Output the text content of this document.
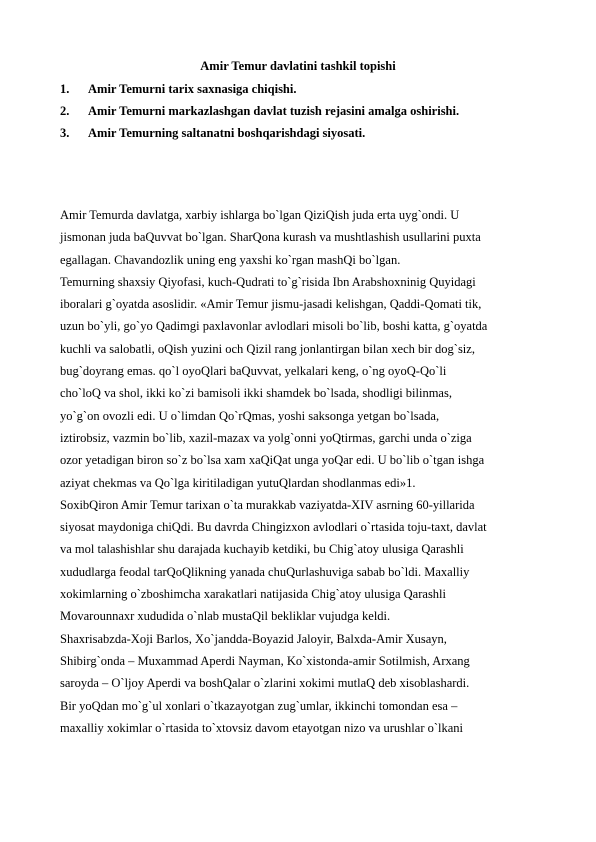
Amir Temur davlatini tashkil topishi
1.	Amir Temurni tarix saxnasiga chiqishi.
2.	Amir Temurni markazlashgan davlat tuzish rejasini amalga oshirishi.
3.	Amir Temurning saltanatni boshqarishdagi siyosati.
Amir Temurda davlatga, xarbiy ishlarga bo`lgan QiziQish juda erta uyg`ondi. U
jismonan juda baQuvvat bo`lgan. SharQona kurash va mushtlashish usullarini puxta
egallagan. Chavandozlik uning eng yaxshi ko`rgan mashQi bo`lgan.
Temurning shaxsiy Qiyofasi, kuch-Qudrati to`g`risida Ibn Arabshoxninig Quyidagi
iboralari g`oyatda asoslidir. «Amir Temur jismu-jasadi kelishgan, Qaddi-Qomati tik,
uzun bo`yli, go`yo Qadimgi paxlavonlar avlodlari misoli bo`lib, boshi katta, g`oyatda
kuchli va salobatli, oQish yuzini och Qizil rang jonlantirgan bilan xech bir dog`siz,
bug`doyrang emas. qo`l oyoQlari baQuvvat, yelkalari keng, o`ng oyoQ-Qo`li
cho`loQ va shol, ikki ko`zi bamisoli ikki shamdek bo`lsada, shodligi bilinmas,
yo`g`on ovozli edi. U o`limdan Qo`rQmas, yoshi saksonga yetgan bo`lsada,
iztirobsiz, vazmin bo`lib, xazil-mazax va yolg`onni yoQtirmas, garchi unda o`ziga
ozor yetadigan biron so`z bo`lsa xam xaQiQat unga yoQar edi. U bo`lib o`tgan ishga
aziyat chekmas va Qo`lga kiritiladigan yutuQlardan shodlanmas edi»1.
SoxibQiron Amir Temur tarixan o`ta murakkab vaziyatda-XIV asrning 60-yillarida
siyosat maydoniga chiQdi. Bu davrda Chingizxon avlodlari o`rtasida toju-taxt, davlat
va mol talashishlar shu darajada kuchayib ketdiki, bu Chig`atoy ulusiga Qarashli
xududlarga feodal tarQoQlikning yanada chuQurlashuviga sabab bo`ldi. Maxalliy
xokimlarning o`zboshimcha xarakatlari natijasida Chig`atoy ulusiga Qarashli
Movarounnaxr xududida o`nlab mustaQil bekliklar vujudga keldi.
Shaxrisabzda-Xoji Barlos, Xo`jandda-Boyazid Jaloyir, Balxda-Amir Xusayn,
Shibirg`onda – Muxammad Aperdi Nayman, Ko`xistonda-amir Sotilmish, Arxang
saroyda – O`ljoy Aperdi va boshQalar o`zlarini xokimi mutlaQ deb xisoblashardi.
Bir yoQdan mo`g`ul xonlari o`tkazayotgan zug`umlar, ikkinchi tomondan esa –
maxalliy xokimlar o`rtasida to`xtovsiz davom etayotgan nizo va urushlar o`lkani
